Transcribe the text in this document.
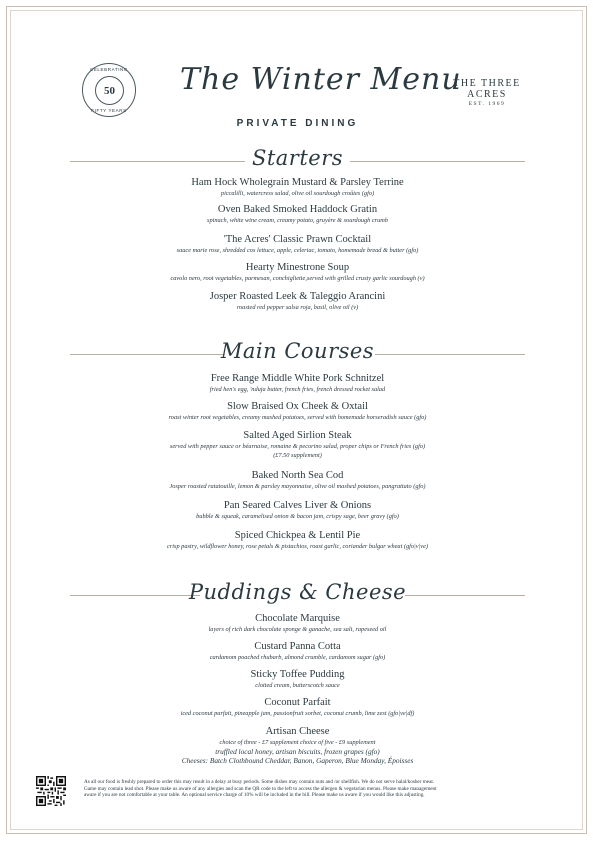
CELEBRATING
50
FIFTY YEARS
The Winter Menu
THE THREE ACRES
EST. 1969
PRIVATE DINING
Starters
Ham Hock Wholegrain Mustard & Parsley Terrine
piccalilli, watercress salad, olive oil sourdough croûtes (gfo)
Oven Baked Smoked Haddock Gratin
spinach, white wine cream, creamy potato, gruyère & sourdough crumb
'The Acres' Classic Prawn Cocktail
sauce marie rose, shredded cos lettuce, apple, celeriac, tomato, homemade bread & butter (gfo)
Hearty Minestrone Soup
cavolo nero, root vegetables, parmesan, conchigliette,served with grilled crusty garlic sourdough (v)
Josper Roasted Leek & Taleggio Arancini
roasted red pepper salsa roja, basil, olive oil (v)
Main Courses
Free Range Middle White Pork Schnitzel
fried hen's egg, 'nduja butter, french fries, french dressed rocket salad
Slow Braised Ox Cheek & Oxtail
roast winter root vegetables, creamy mashed potatoes, served with homemade horseradish sauce (gfo)
Salted Aged Sirlion Steak
served with pepper sauce or béarnaise, romaine & pecorino salad, proper chips or French fries (gfo)
(£7.50 supplement)
Baked North Sea Cod
Josper roasted ratatouille, lemon & parsley mayonnaise, olive oil mashed potatoes, pangrattato (gfo)
Pan Seared Calves Liver & Onions
bubble & squeak, caramelised onion & bacon jam, crispy sage, beer gravy (gfo)
Spiced Chickpea & Lentil Pie
crisp pastry, wildflower honey, rose petals & pistachios, roast garlic, coriander bulgar wheat (gfo|v|ve)
Puddings & Cheese
Chocolate Marquise
layers of rich dark chocolate sponge & ganache, sea salt, rapeseed oil
Custard Panna Cotta
cardamom poached rhubarb, almond crumble, cardamom sugar (gfo)
Sticky Toffee Pudding
clotted cream, butterscotch sauce
Coconut Parfait
iced coconut parfait, pineapple jam, passionfruit sorbet, coconut crumb, lime zest (gfo|ve|df)
Artisan Cheese
choice of three - £7 supplement choice of five - £9 supplement
truffled local honey, artisan biscuits, frozen grapes (gfo)
Cheeses: Batch Clothbound Cheddar, Banon, Gaperon, Blue Monday, Époisses
As all our food is freshly prepared to order this may result in a delay at busy periods. Some dishes may contain nuts and /or shellfish. We do not serve halal/kosher meat.
Game may contain lead shot. Please make us aware of any allergies and scan the QR code to the left to access the allergen & vegetarian menus. Please make management
aware if you are not comfortable at your table. An optional service charge of 10% will be included in the bill. Please make us aware if you would like this adjusting.
